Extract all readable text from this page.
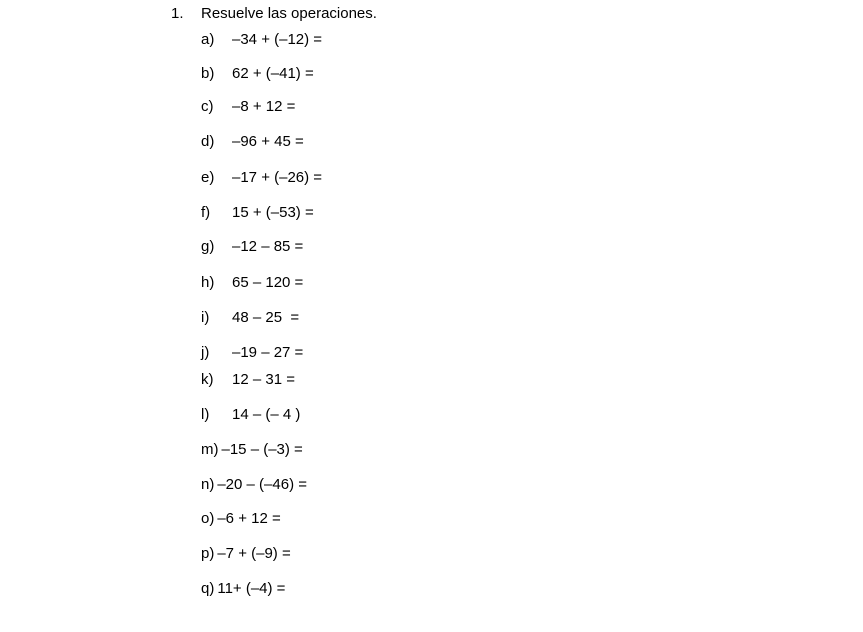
1. Resuelve las operaciones.
a) –34 + (–12) =
b) 62 + (–41) =
c) –8 + 12 =
d) –96 + 45 =
e) –17 + (–26) =
f) 15 + (–53) =
g) –12 – 85 =
h) 65 – 120 =
i) 48 – 25  =
j) –19 – 27 =
k) 12 – 31 =
l) 14 – (– 4 )
m) –15 – (–3) =
n) –20 – (–46) =
o) –6 + 12 =
p) –7 + (–9) =
q) 11+ (–4) =
